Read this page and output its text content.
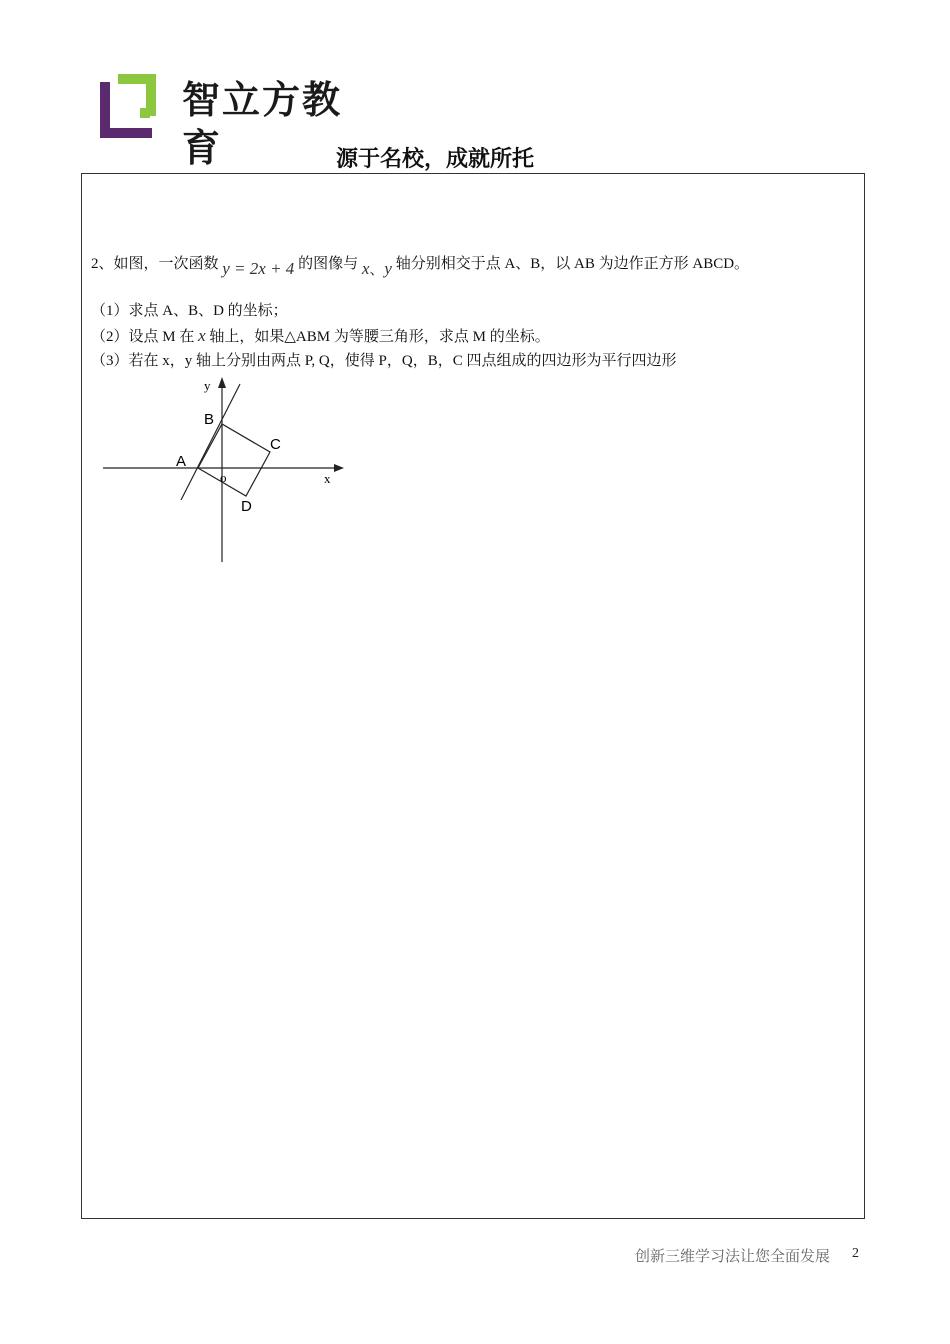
智立方教育	源于名校，成就所托
2、如图，一次函数 y = 2x + 4 的图像与 x、y 轴分别相交于点 A、B，以 AB 为边作正方形 ABCD。
（1）求点 A、B、D 的坐标；
（2）设点 M 在 x 轴上，如果△ABM 为等腰三角形，求点 M 的坐标。
（3）若在 x，y 轴上分别由两点 P, Q，使得 P，Q，B，C 四点组成的四边形为平行四边形
y
x
o
A
B
C
D
创新三维学习法让您全面发展 2
